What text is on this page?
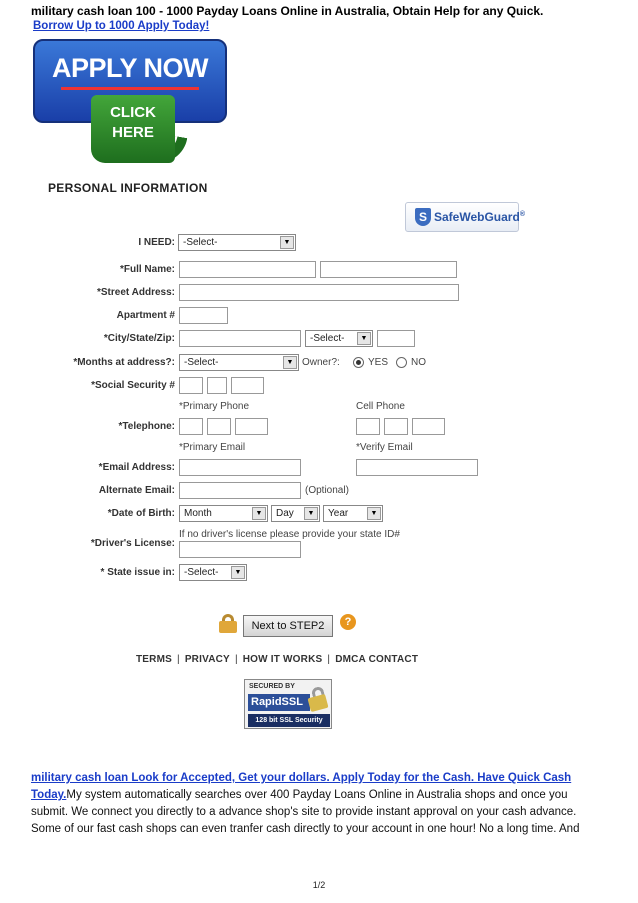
military cash loan 100 - 1000 Payday Loans Online in Australia, Obtain Help for any Quick.
Borrow Up to 1000 Apply Today!
APPLY NOW
CLICK
HERE
PERSONAL INFORMATION
S SafeWebGuard®
I NEED: -Select-	▼
*Full Name:
*Street Address:
Apartment #
*City/State/Zip:	-Select-	▼
*Months at address?: -Select-	▼ Owner?:	YES NO
*Social Security #
*Primary Phone	Cell Phone
*Telephone:
*Primary Email	*Verify Email
*Email Address:
Alternate Email:	(Optional)
*Date of Birth: Month	▼	Day	▼	Year	▼
If no driver's license please provide your state ID#
*Driver's License:
* State issue in: -Select-	▼
Next to STEP2	?
TERMS | PRIVACY | HOW IT WORKS | DMCA CONTACT
SECURED BY
RapidSSL
128 bit SSL Security
military cash loan Look for Accepted, Get your dollars. Apply Today for the Cash. Have Quick Cash Today.My system automatically searches over 400 Payday Loans Online in Australia shops and once you submit. We connect you directly to a advance shop's site to provide instant approval on your cash advance. Some of our fast cash shops can even tranfer cash directly to your account in one hour! No a long time. And
1/2
